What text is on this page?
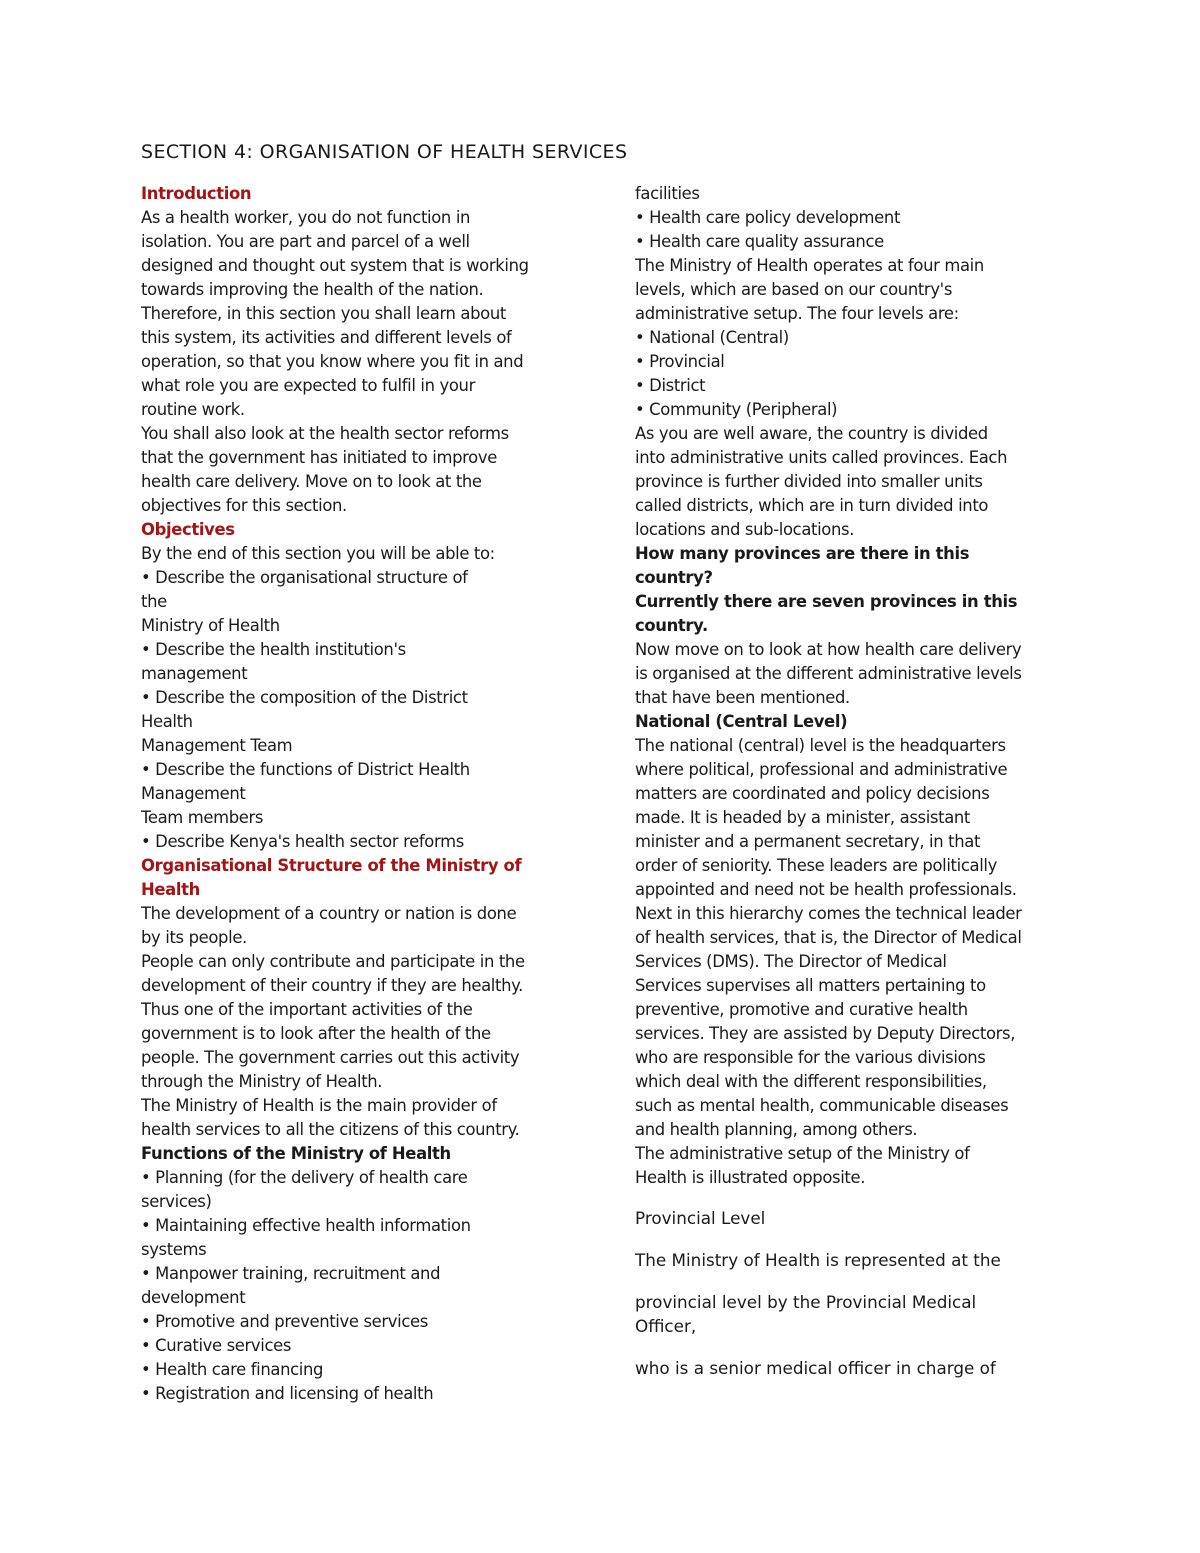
SECTION 4: ORGANISATION OF HEALTH SERVICES
Introduction
As a health worker, you do not function in
isolation. You are part and parcel of a well
designed and thought out system that is working
towards improving the health of the nation.
Therefore, in this section you shall learn about
this system, its activities and different levels of
operation, so that you know where you fit in and
what role you are expected to fulfil in your
routine work.
You shall also look at the health sector reforms
that the government has initiated to improve
health care delivery. Move on to look at the
objectives for this section.
Objectives
By the end of this section you will be able to:
• Describe the organisational structure of
the
Ministry of Health
• Describe the health institution's
management
• Describe the composition of the District
Health
Management Team
• Describe the functions of District Health
Management
Team members
• Describe Kenya's health sector reforms
Organisational Structure of the Ministry of
Health
The development of a country or nation is done
by its people.
People can only contribute and participate in the
development of their country if they are healthy.
Thus one of the important activities of the
government is to look after the health of the
people. The government carries out this activity
through the Ministry of Health.
The Ministry of Health is the main provider of
health services to all the citizens of this country.
Functions of the Ministry of Health
• Planning (for the delivery of health care
services)
• Maintaining effective health information
systems
• Manpower training, recruitment and
development
• Promotive and preventive services
• Curative services
• Health care financing
• Registration and licensing of health
facilities
• Health care policy development
• Health care quality assurance
The Ministry of Health operates at four main
levels, which are based on our country's
administrative setup. The four levels are:
• National (Central)
• Provincial
• District
• Community (Peripheral)
As you are well aware, the country is divided
into administrative units called provinces. Each
province is further divided into smaller units
called districts, which are in turn divided into
locations and sub-locations.
How many provinces are there in this
country?
Currently there are seven provinces in this
country.
Now move on to look at how health care delivery
is organised at the different administrative levels
that have been mentioned.
National (Central Level)
The national (central) level is the headquarters
where political, professional and administrative
matters are coordinated and policy decisions
made. It is headed by a minister, assistant
minister and a permanent secretary, in that
order of seniority. These leaders are politically
appointed and need not be health professionals.
Next in this hierarchy comes the technical leader
of health services, that is, the Director of Medical
Services (DMS). The Director of Medical
Services supervises all matters pertaining to
preventive, promotive and curative health
services. They are assisted by Deputy Directors,
who are responsible for the various divisions
which deal with the different responsibilities,
such as mental health, communicable diseases
and health planning, among others.
The administrative setup of the Ministry of
Health is illustrated opposite.
Provincial Level
The Ministry of Health is represented at the
provincial level by the Provincial Medical
Officer,
who is a senior medical officer in charge of
